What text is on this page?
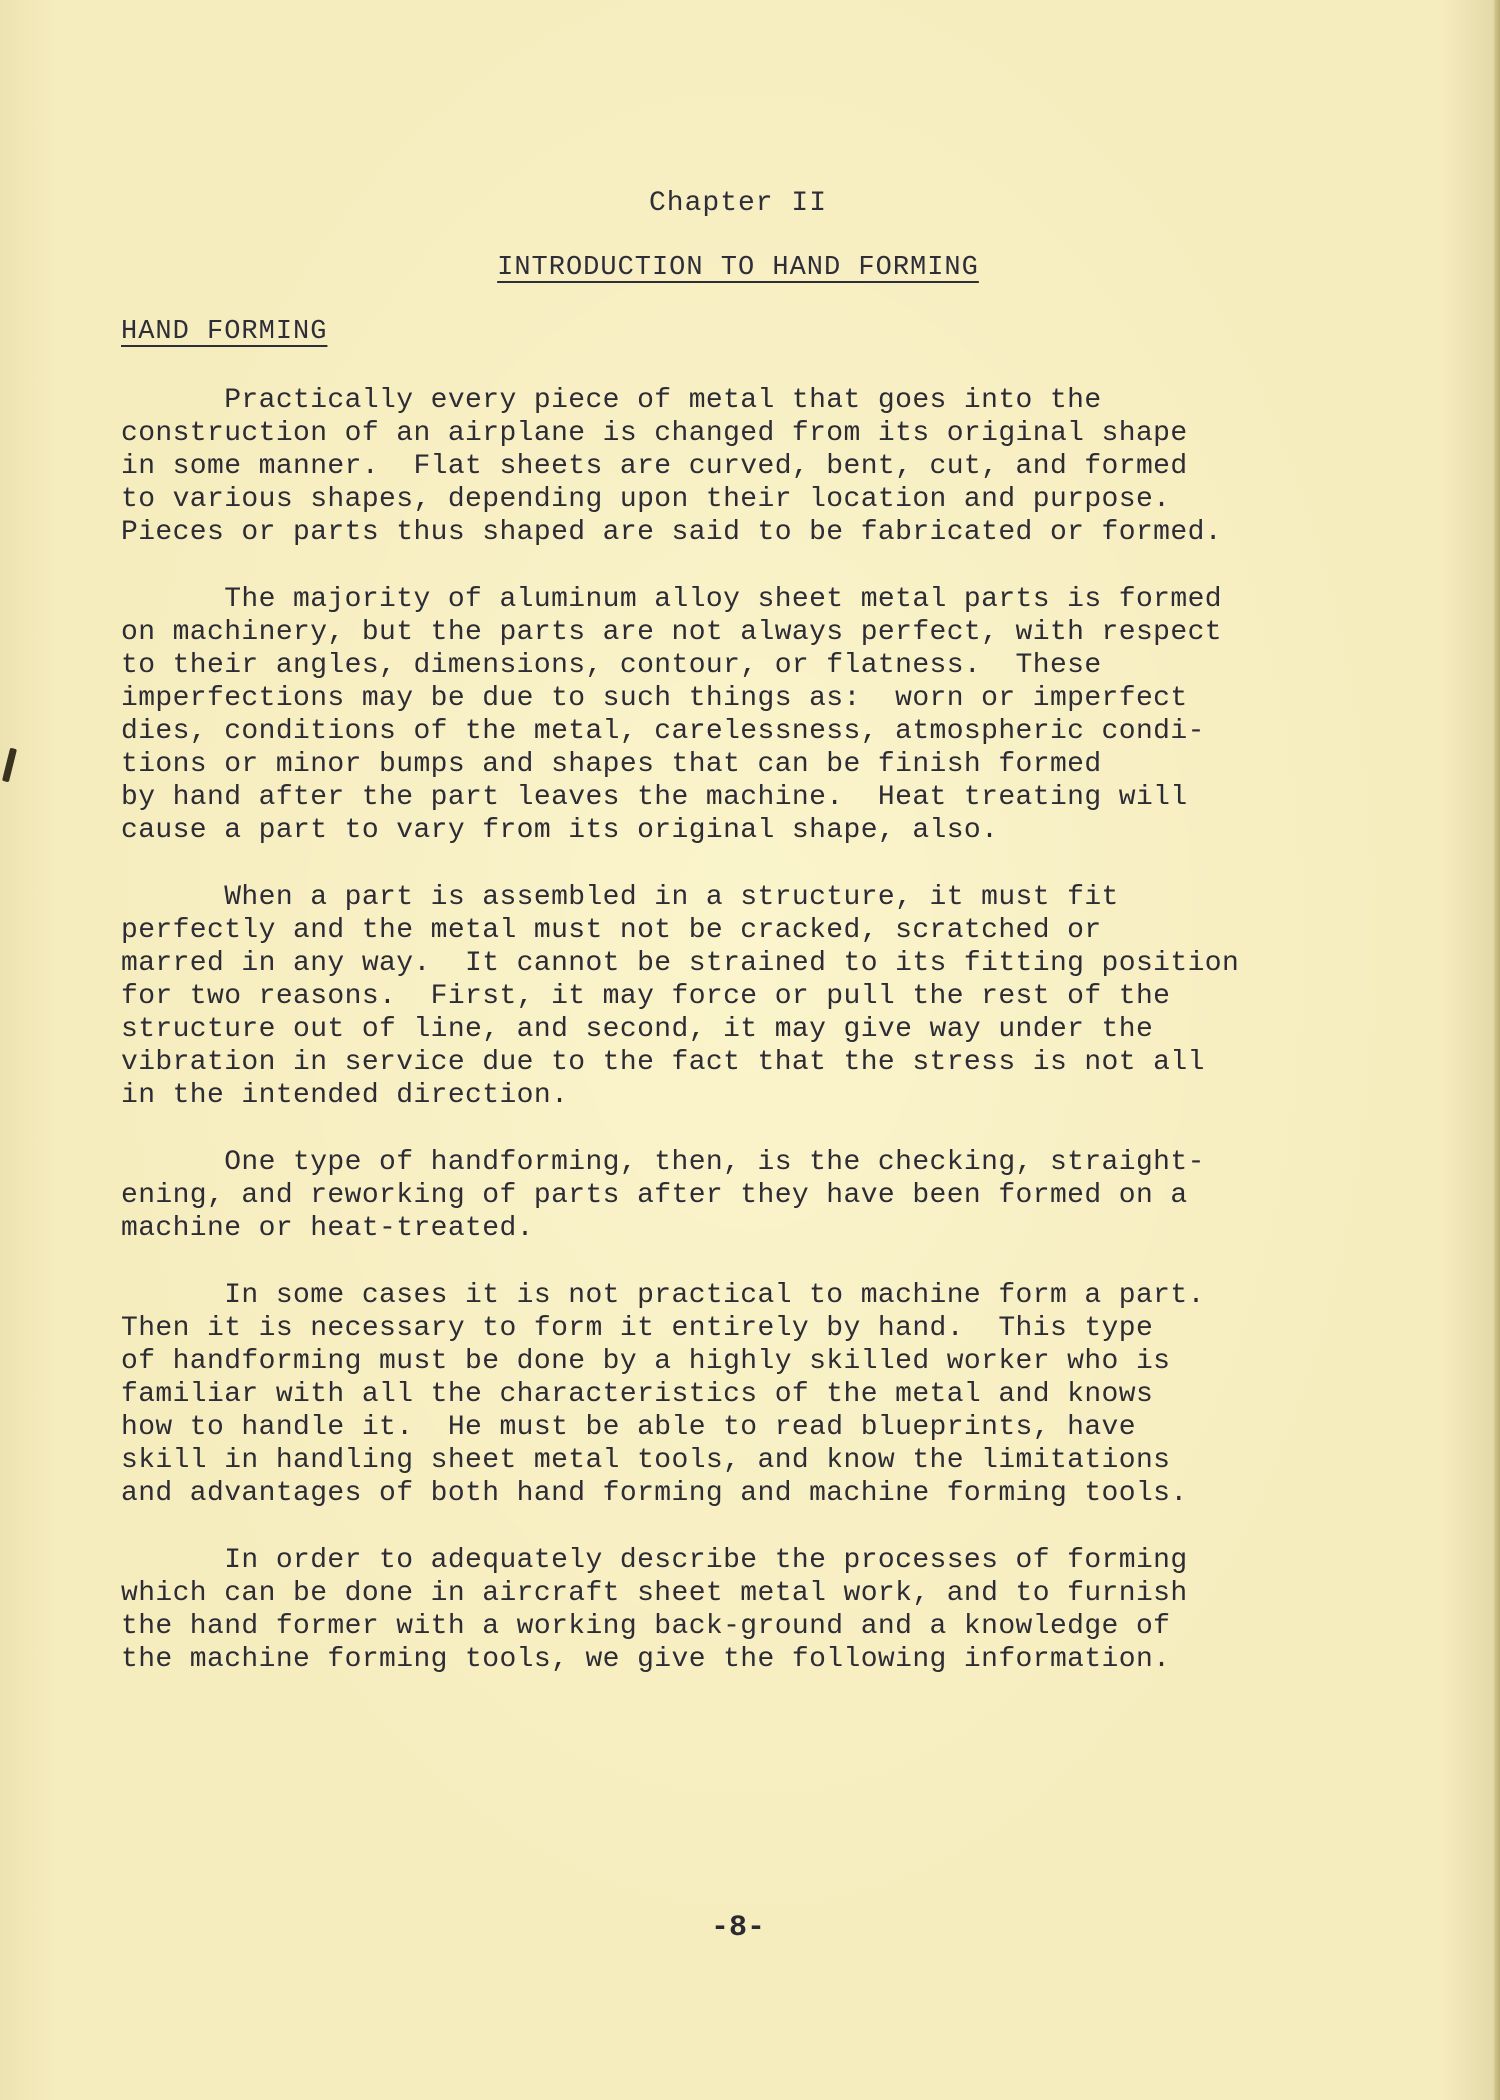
Chapter II
INTRODUCTION TO HAND FORMING
HAND FORMING
Practically every piece of metal that goes into the
construction of an airplane is changed from its original shape
in some manner.  Flat sheets are curved, bent, cut, and formed
to various shapes, depending upon their location and purpose.
Pieces or parts thus shaped are said to be fabricated or formed.
The majority of aluminum alloy sheet metal parts is formed
on machinery, but the parts are not always perfect, with respect
to their angles, dimensions, contour, or flatness.  These
imperfections may be due to such things as:  worn or imperfect
dies, conditions of the metal, carelessness, atmospheric condi-
tions or minor bumps and shapes that can be finish formed
by hand after the part leaves the machine.  Heat treating will
cause a part to vary from its original shape, also.
When a part is assembled in a structure, it must fit
perfectly and the metal must not be cracked, scratched or
marred in any way.  It cannot be strained to its fitting position
for two reasons.  First, it may force or pull the rest of the
structure out of line, and second, it may give way under the
vibration in service due to the fact that the stress is not all
in the intended direction.
One type of handforming, then, is the checking, straight-
ening, and reworking of parts after they have been formed on a
machine or heat-treated.
In some cases it is not practical to machine form a part.
Then it is necessary to form it entirely by hand.  This type
of handforming must be done by a highly skilled worker who is
familiar with all the characteristics of the metal and knows
how to handle it.  He must be able to read blueprints, have
skill in handling sheet metal tools, and know the limitations
and advantages of both hand forming and machine forming tools.
In order to adequately describe the processes of forming
which can be done in aircraft sheet metal work, and to furnish
the hand former with a working back-ground and a knowledge of
the machine forming tools, we give the following information.
-8-
